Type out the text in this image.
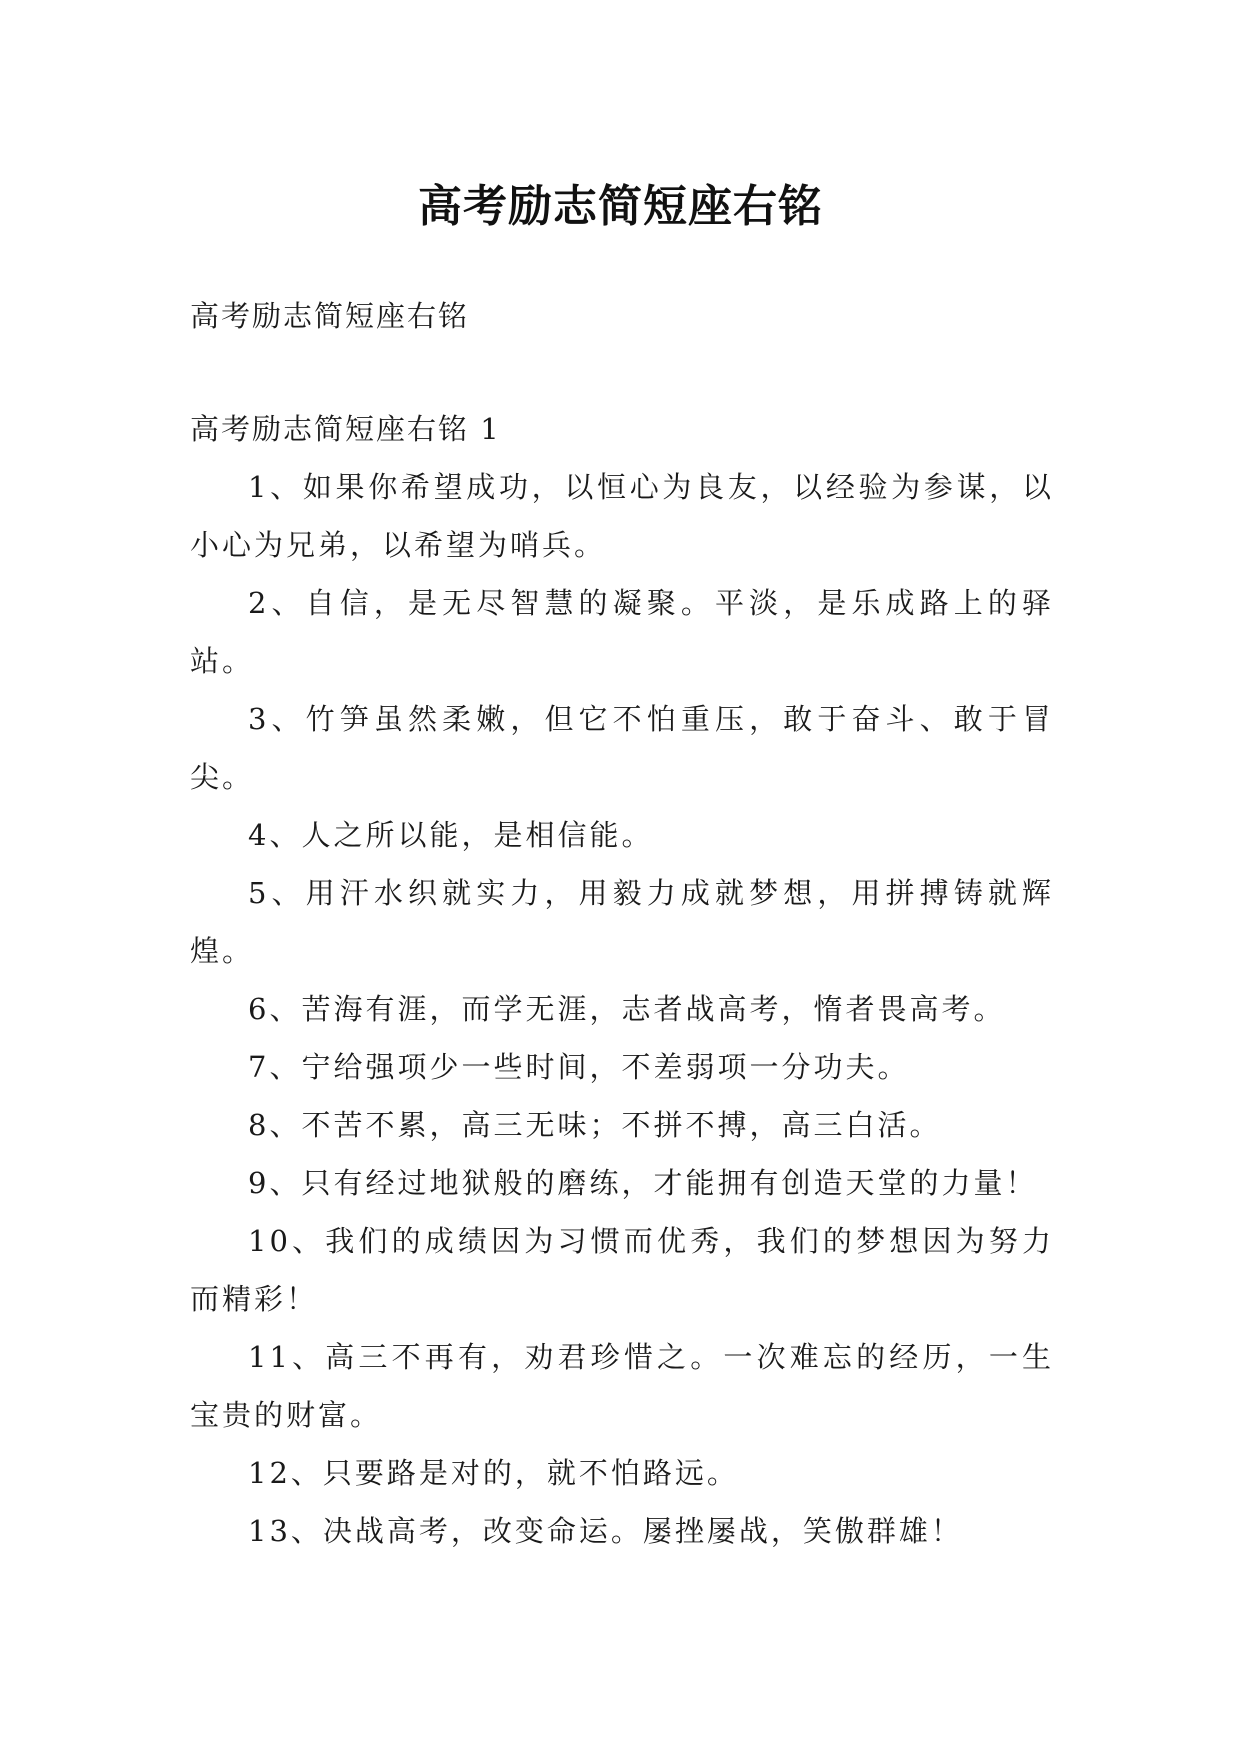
高考励志简短座右铭

高考励志简短座右铭

高考励志简短座右铭 1

1、如果你希望成功，以恒心为良友，以经验为参谋，以小心为兄弟，以希望为哨兵。
2、自信，是无尽智慧的凝聚。平淡，是乐成路上的驿站。
3、竹笋虽然柔嫩，但它不怕重压，敢于奋斗、敢于冒尖。
4、人之所以能，是相信能。
5、用汗水织就实力，用毅力成就梦想，用拼搏铸就辉煌。
6、苦海有涯，而学无涯，志者战高考，惰者畏高考。
7、宁给强项少一些时间，不差弱项一分功夫。
8、不苦不累，高三无味；不拼不搏，高三白活。
9、只有经过地狱般的磨练，才能拥有创造天堂的力量！
10、我们的成绩因为习惯而优秀，我们的梦想因为努力而精彩！
11、高三不再有，劝君珍惜之。一次难忘的经历，一生宝贵的财富。
12、只要路是对的，就不怕路远。
13、决战高考，改变命运。屡挫屡战，笑傲群雄！
